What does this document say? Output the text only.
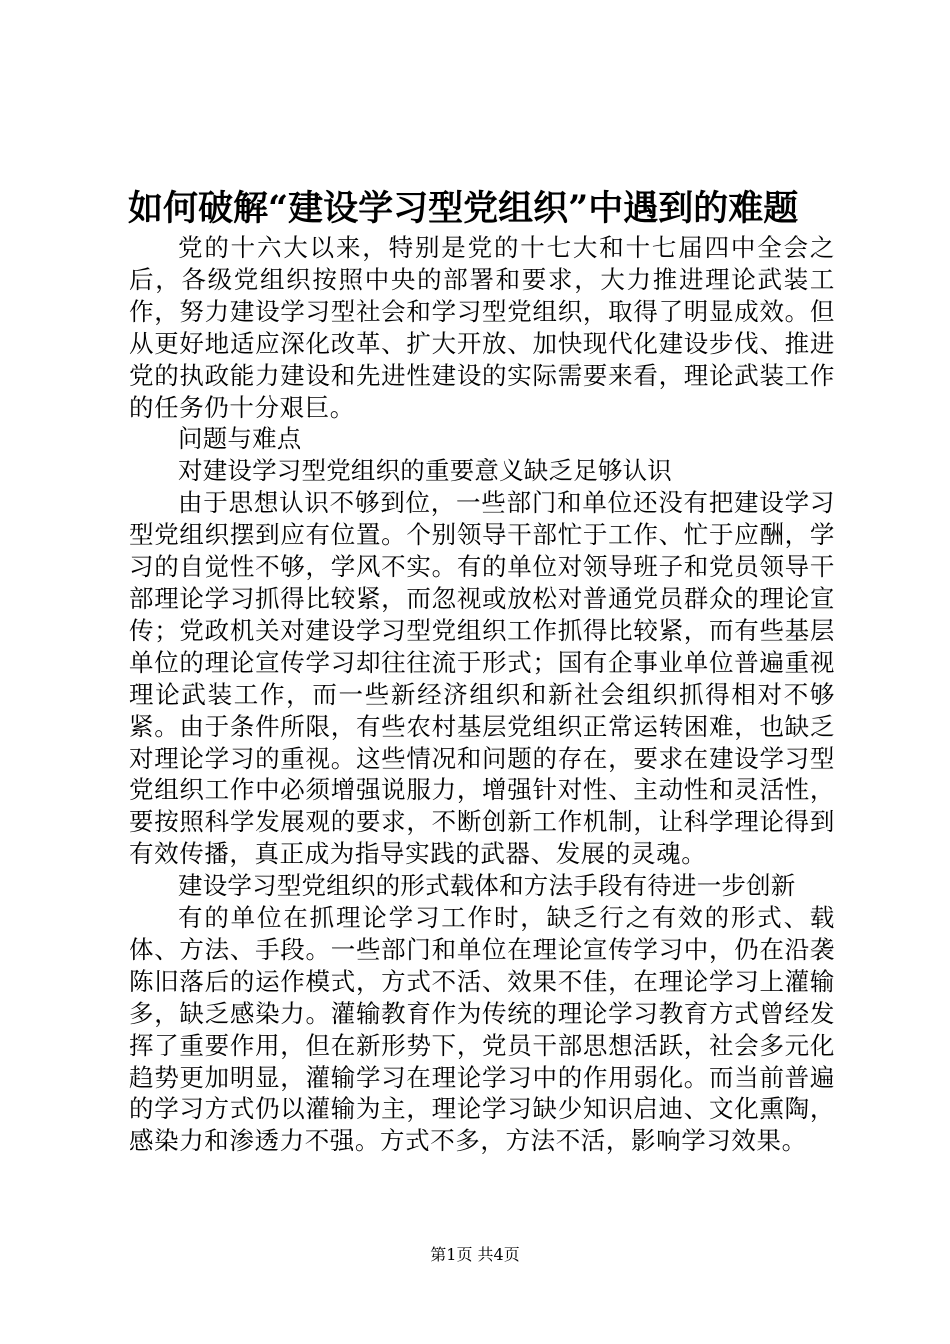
如何破解“建设学习型党组织”中遇到的难题

党的十六大以来，特别是党的十七大和十七届四中全会之后，各级党组织按照中央的部署和要求，大力推进理论武装工作，努力建设学习型社会和学习型党组织，取得了明显成效。但从更好地适应深化改革、扩大开放、加快现代化建设步伐、推进党的执政能力建设和先进性建设的实际需要来看，理论武装工作的任务仍十分艰巨。

问题与难点

对建设学习型党组织的重要意义缺乏足够认识

由于思想认识不够到位，一些部门和单位还没有把建设学习型党组织摆到应有位置。个别领导干部忙于工作、忙于应酬，学习的自觉性不够，学风不实。有的单位对领导班子和党员领导干部理论学习抓得比较紧，而忽视或放松对普通党员群众的理论宣传；党政机关对建设学习型党组织工作抓得比较紧，而有些基层单位的理论宣传学习却往往流于形式；国有企事业单位普遍重视理论武装工作，而一些新经济组织和新社会组织抓得相对不够紧。由于条件所限，有些农村基层党组织正常运转困难，也缺乏对理论学习的重视。这些情况和问题的存在，要求在建设学习型党组织工作中必须增强说服力，增强针对性、主动性和灵活性，要按照科学发展观的要求，不断创新工作机制，让科学理论得到有效传播，真正成为指导实践的武器、发展的灵魂。

建设学习型党组织的形式载体和方法手段有待进一步创新

有的单位在抓理论学习工作时，缺乏行之有效的形式、载体、方法、手段。一些部门和单位在理论宣传学习中，仍在沿袭陈旧落后的运作模式，方式不活、效果不佳，在理论学习上灌输多，缺乏感染力。灌输教育作为传统的理论学习教育方式曾经发挥了重要作用，但在新形势下，党员干部思想活跃，社会多元化趋势更加明显，灌输学习在理论学习中的作用弱化。而当前普遍的学习方式仍以灌输为主，理论学习缺少知识启迪、文化熏陶，感染力和渗透力不强。方式不多，方法不活，影响学习效果。

第1页 共4页
